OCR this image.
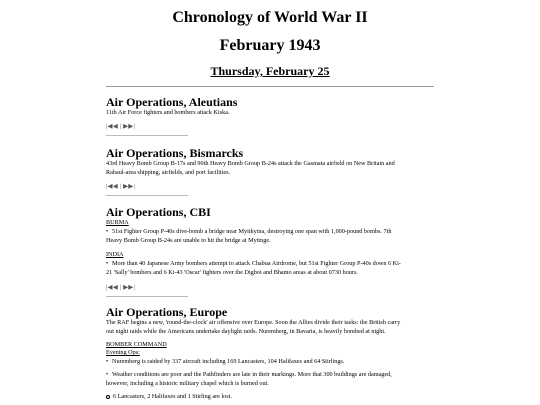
Chronology of World War II
February 1943
Thursday, February 25
Air Operations, Aleutians
11th Air Force fighters and bombers attack Kiska.
|◀◀ | ▶▶|
Air Operations, Bismarcks
43rd Heavy Bomb Group B-17s and 90th Heavy Bomb Group B-24s attack the Gasmata airfield on New Britain and
Rabaul-area shipping, airfields, and port facilities.
|◀◀ | ▶▶|
Air Operations, CBI
BURMA
• 51st Fighter Group P-40s dive-bomb a bridge near Myitkyina, destroying one span with 1,000-pound bombs. 7th
Heavy Bomb Group B-24s are unable to hit the bridge at Myitnge.
INDIA
• More than 40 Japanese Army bombers attempt to attack Chabua Airdrome, but 51st Fighter Group P-40s down 6 Ki-
21 'Sally' bombers and 6 Ki-43 'Oscar' fighters over the Digboi and Bhamo areas at about 0730 hours.
|◀◀ | ▶▶|
Air Operations, Europe
The RAF begins a new, 'round-the-clock' air offensive over Europe. Soon the Allies divide their tasks: the British carry
out night raids while the Americans undertake daylight raids. Nuremberg, in Bavaria, is heavily bombed at night.
BOMBER COMMAND
Evening Ops:
• Nuremberg is raided by 337 aircraft including 169 Lancasters, 104 Halifaxes and 64 Stirlings.
• Weather conditions are poor and the Pathfinders are late in their markings. More that 300 buildings are damaged,
however, including a historic military chapel which is burned out.
6 Lancasters, 2 Halifaxes and 1 Stirling are lost.
